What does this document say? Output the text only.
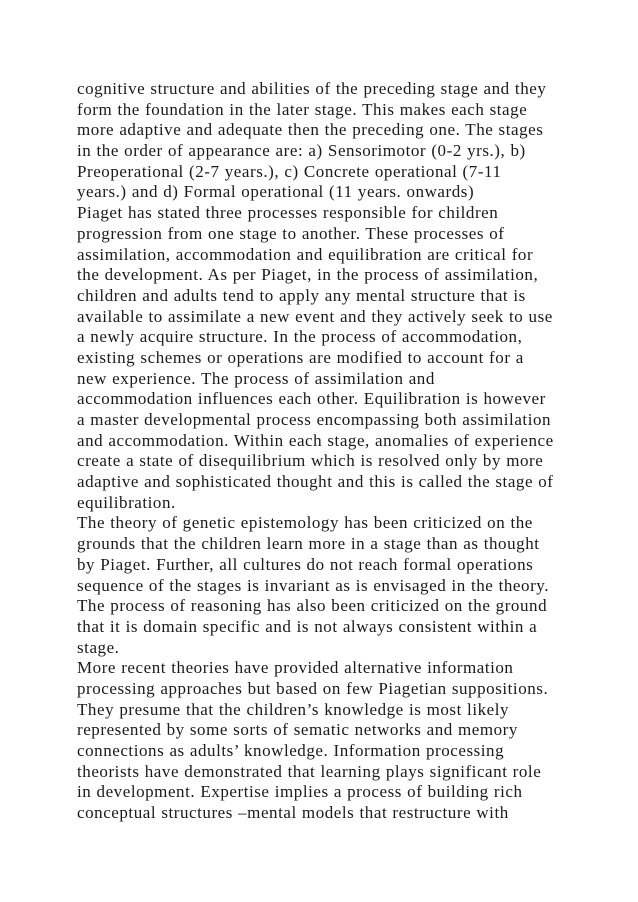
cognitive structure and abilities of the preceding stage and they
form the foundation in the later stage. This makes each stage
more adaptive and adequate then the preceding one. The stages
in the order of appearance are: a) Sensorimotor (0-2 yrs.), b)
Preoperational (2-7 years.), c) Concrete operational (7-11
years.) and d) Formal operational (11 years. onwards)
Piaget has stated three processes responsible for children
progression from one stage to another. These processes of
assimilation, accommodation and equilibration are critical for
the development. As per Piaget, in the process of assimilation,
children and adults tend to apply any mental structure that is
available to assimilate a new event and they actively seek to use
a newly acquire structure. In the process of accommodation,
existing schemes or operations are modified to account for a
new experience. The process of assimilation and
accommodation influences each other. Equilibration is however
a master developmental process encompassing both assimilation
and accommodation. Within each stage, anomalies of experience
create a state of disequilibrium which is resolved only by more
adaptive and sophisticated thought and this is called the stage of
equilibration.
The theory of genetic epistemology has been criticized on the
grounds that the children learn more in a stage than as thought
by Piaget. Further, all cultures do not reach formal operations
sequence of the stages is invariant as is envisaged in the theory.
The process of reasoning has also been criticized on the ground
that it is domain specific and is not always consistent within a
stage.
More recent theories have provided alternative information
processing approaches but based on few Piagetian suppositions.
They presume that the children’s knowledge is most likely
represented by some sorts of sematic networks and memory
connections as adults’ knowledge. Information processing
theorists have demonstrated that learning plays significant role
in development. Expertise implies a process of building rich
conceptual structures –mental models that restructure with
